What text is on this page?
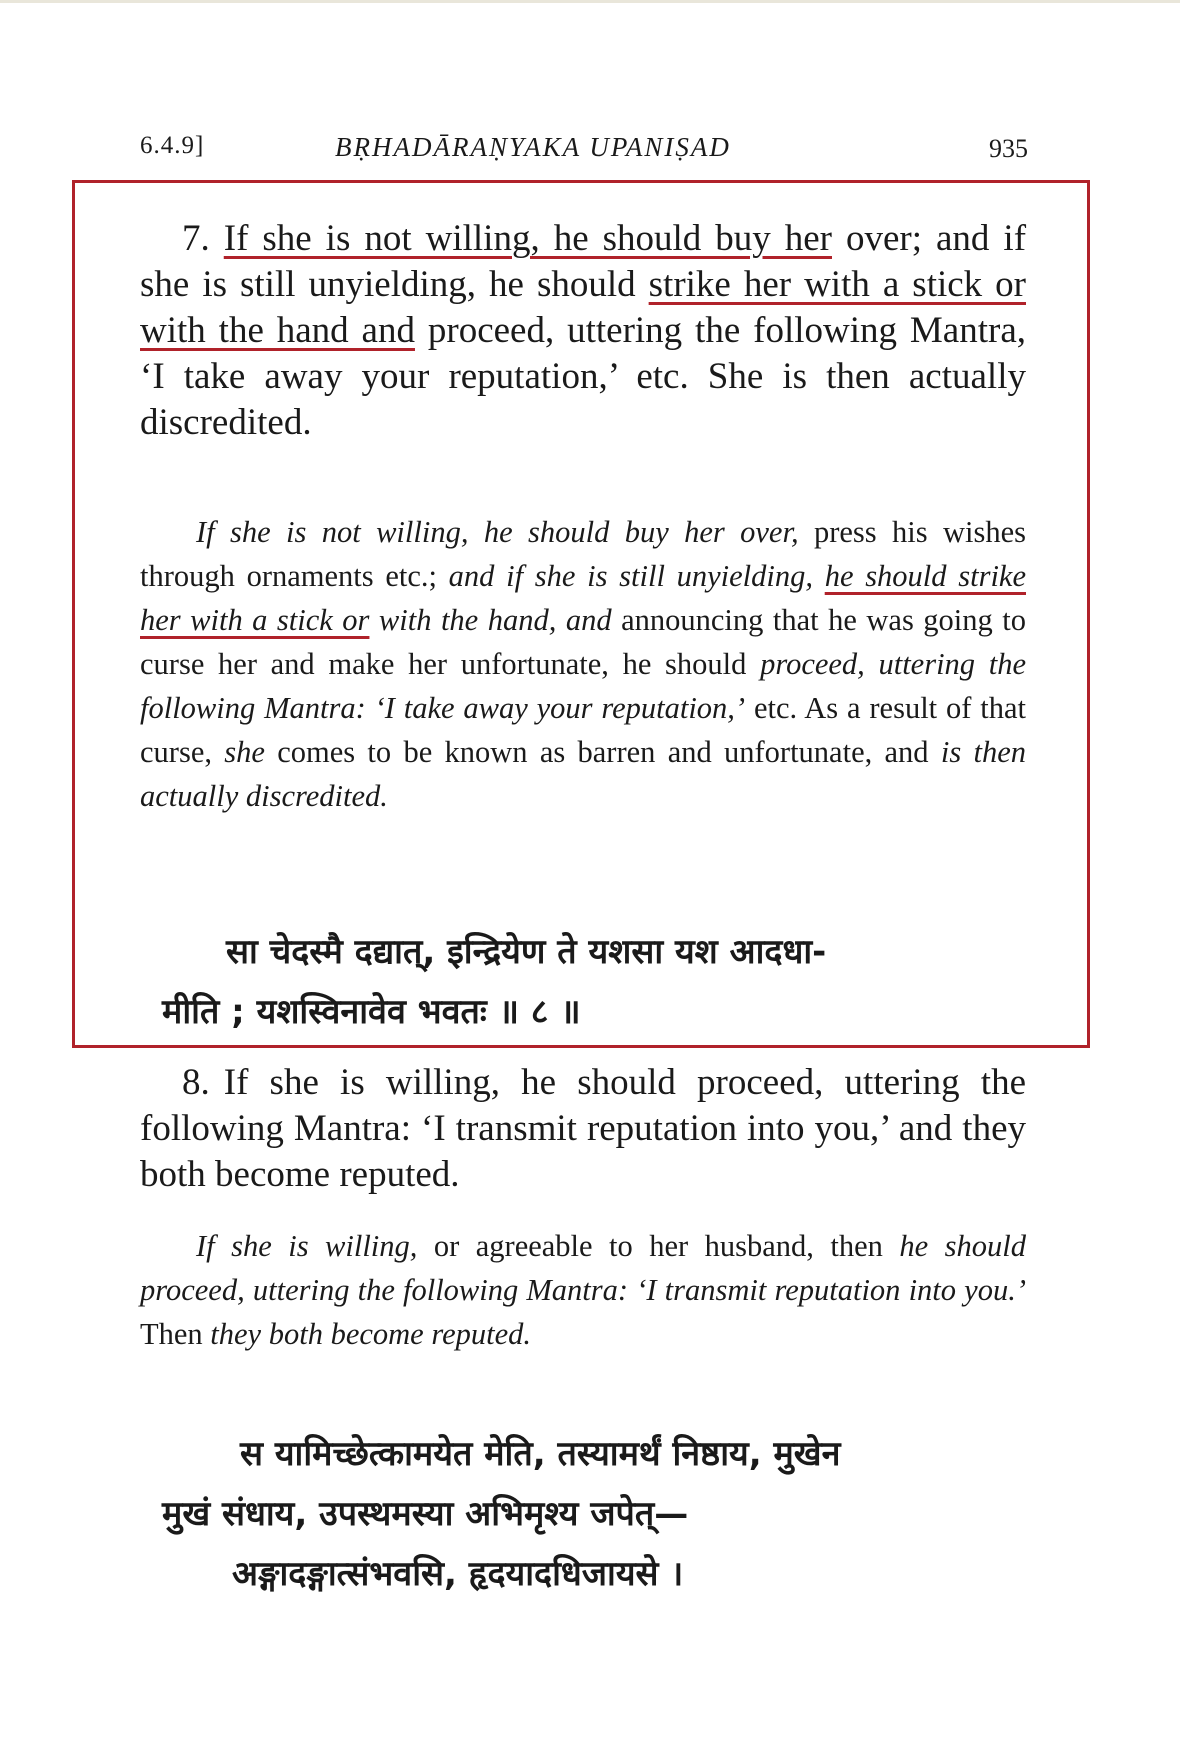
6.4.9]	BṚHADĀRAṆYAKA UPANIṢAD	935

7. If she is not willing, he should buy her over; and if she is still unyielding, he should strike her with a stick or with the hand and proceed, uttering the following Mantra, ‘I take away your reputation,’ etc. She is then actually discredited.

If she is not willing, he should buy her over, press his wishes through ornaments etc.; and if she is still unyielding, he should strike her with a stick or with the hand, and announcing that he was going to curse her and make her unfortunate, he should proceed, uttering the following Mantra: ‘I take away your reputation,’ etc. As a result of that curse, she comes to be known as barren and unfortunate, and is then actually discredited.

सा चेदस्मै दद्यात्, इन्द्रियेण ते यशसा यश आदधा-

मीति ; यशस्विनावेव भवतः ॥ ८ ॥

8. If she is willing, he should proceed, uttering the following Mantra: ‘I transmit reputation into you,’ and they both become reputed.

If she is willing, or agreeable to her husband, then he should proceed, uttering the following Mantra: ‘I transmit reputation into you.’ Then they both become reputed.

स यामिच्छेत्कामयेत मेति, तस्यामर्थं निष्ठाय, मुखेन

मुखं संधाय, उपस्थमस्या अभिमृश्य जपेत्—

अङ्गादङ्गात्संभवसि, हृदयादधिजायसे ।
